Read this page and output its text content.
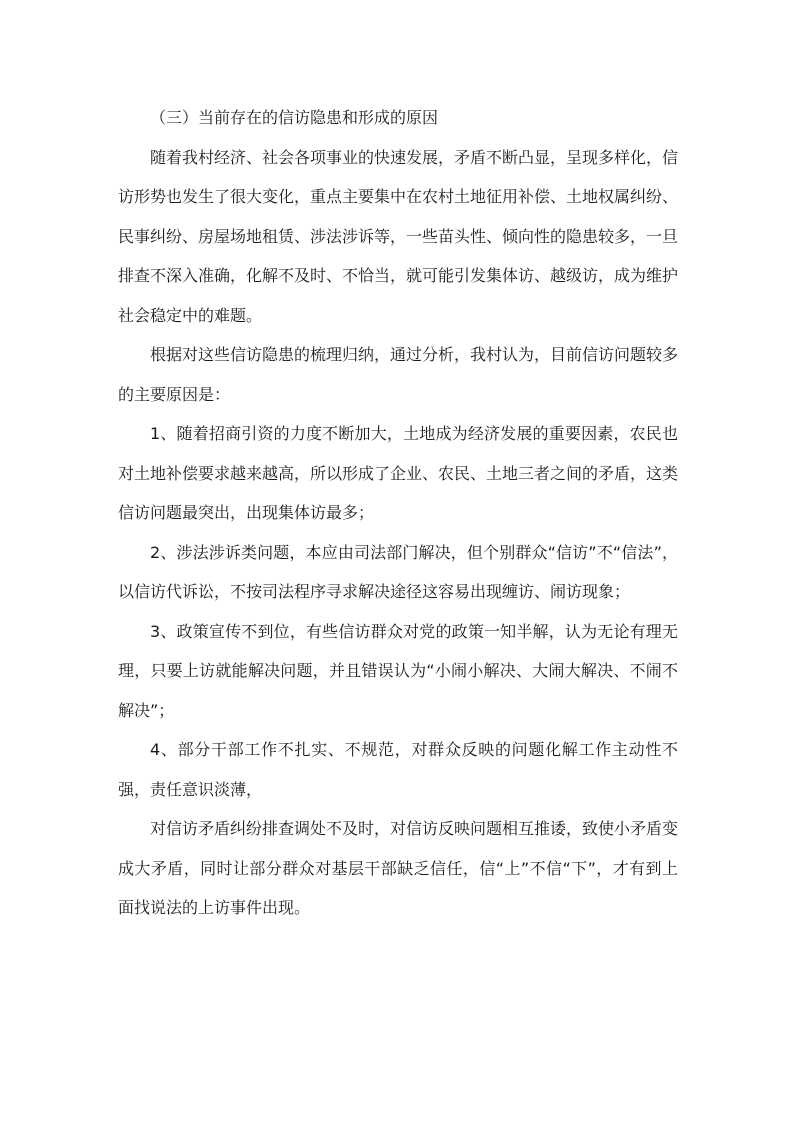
（三）当前存在的信访隐患和形成的原因

随着我村经济、社会各项事业的快速发展，矛盾不断凸显，呈现多样化，信访形势也发生了很大变化，重点主要集中在农村土地征用补偿、土地权属纠纷、民事纠纷、房屋场地租赁、涉法涉诉等，一些苗头性、倾向性的隐患较多，一旦排查不深入准确，化解不及时、不恰当，就可能引发集体访、越级访，成为维护社会稳定中的难题。

根据对这些信访隐患的梳理归纳，通过分析，我村认为，目前信访问题较多的主要原因是：

1、随着招商引资的力度不断加大，土地成为经济发展的重要因素，农民也对土地补偿要求越来越高，所以形成了企业、农民、土地三者之间的矛盾，这类信访问题最突出，出现集体访最多；

2、涉法涉诉类问题，本应由司法部门解决，但个别群众“信访”不“信法”，以信访代诉讼，不按司法程序寻求解决途径这容易出现缠访、闹访现象；

3、政策宣传不到位，有些信访群众对党的政策一知半解，认为无论有理无理，只要上访就能解决问题，并且错误认为“小闹小解决、大闹大解决、不闹不解决”；

4、部分干部工作不扎实、不规范，对群众反映的问题化解工作主动性不强，责任意识淡薄，

对信访矛盾纠纷排查调处不及时，对信访反映问题相互推诿，致使小矛盾变成大矛盾，同时让部分群众对基层干部缺乏信任，信“上”不信“下”，才有到上面找说法的上访事件出现。
